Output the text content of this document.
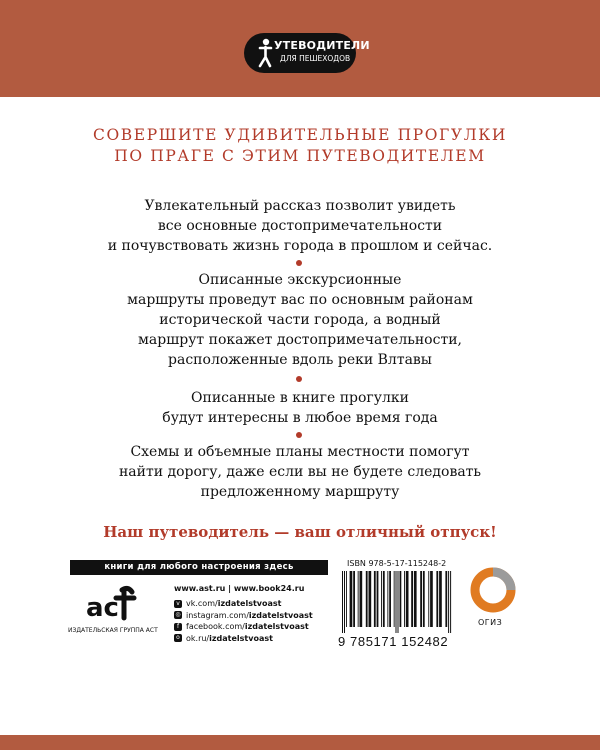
УТЕВОДИТЕЛИ
ДЛЯ ПЕШЕХОДОВ
СОВЕРШИТЕ УДИВИТЕЛЬНЫЕ ПРОГУЛКИ
ПО ПРАГЕ С ЭТИМ ПУТЕВОДИТЕЛЕМ
Увлекательный рассказ позволит увидеть
все основные достопримечательности
и почувствовать жизнь города в прошлом и сейчас.
Описанные экскурсионные
маршруты проведут вас по основным районам
исторической части города, а водный
маршрут покажет достопримечательности,
расположенные вдоль реки Влтавы
Описанные в книге прогулки
будут интересны в любое время года
Схемы и объемные планы местности помогут
найти дорогу, даже если вы не будете следовать
предложенному маршруту
Наш путеводитель — ваш отличный отпуск!
книги для любого настроения здесь
ас
ИЗДАТЕЛЬСКАЯ ГРУППА АСТ
www.ast.ru | www.book24.ru
v vk.com/ izdatelstvoast
◎ instagram.com/ izdatelstvoast
f facebook.com/ izdatelstvoast
o ok.ru/ izdatelstvoast
ISBN 978-5-17-115248-2
9 785171 152482
ОГИЗ
